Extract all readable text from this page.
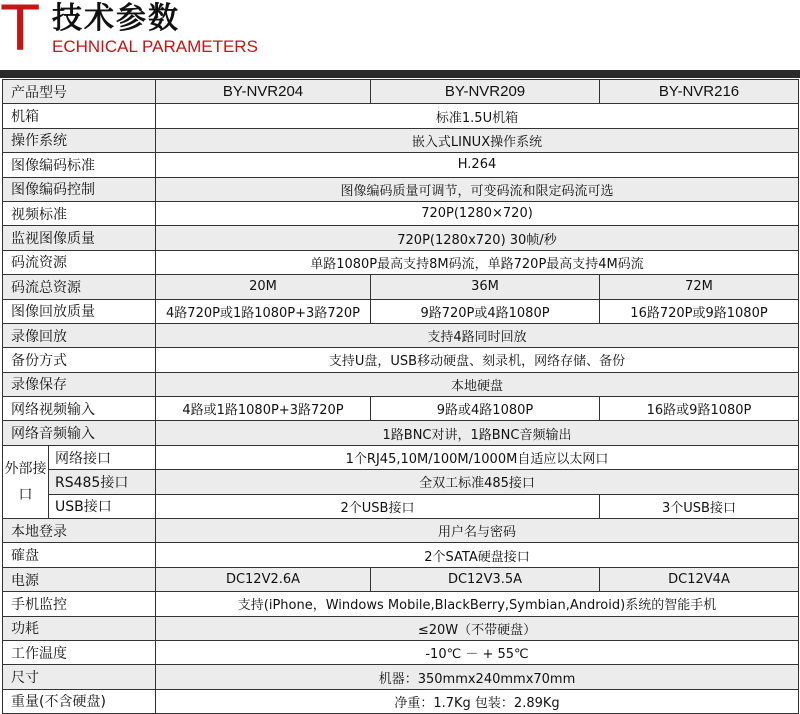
T 技术参数
ECHNICAL PARAMETERS
产品型号		BY-NVR204	BY-NVR209	BY-NVR216
机箱		标准1.5U机箱		
操作系统		嵌入式LINUX操作系统		
图像编码标准		H.264		
图像编码控制		图像编码质量可调节，可变码流和限定码流可选		
视频标准		720P(1280×720)		
监视图像质量		720P(1280x720) 30帧/秒		
码流资源		单路1080P最高支持8M码流，单路720P最高支持4M码流		
码流总资源		20M	36M	72M
图像回放质量		4路720P或1路1080P+3路720P	9路720P或4路1080P	16路720P或9路1080P
录像回放		支持4路同时回放		
备份方式		支持U盘，USB移动硬盘、刻录机，网络存储、备份		
录像保存		本地硬盘		
网络视频输入		4路或1路1080P+3路720P	9路或4路1080P	16路或9路1080P
网络音频输入		1路BNC对讲，1路BNC音频输出		
外部接口	网络接口	1个RJ45,10M/100M/1000M自适应以太网口		
	RS485接口	全双工标准485接口		
	USB接口	2个USB接口		3个USB接口
本地登录		用户名与密码		
確盘		2个SATA硬盘接口		
电源		DC12V2.6A	DC12V3.5A	DC12V4A
手机监控		支持(iPhone，Windows Mobile,BlackBerry,Symbian,Android)系统的智能手机		
功耗		≤20W（不带硬盘）		
工作温度		-10℃ － + 55℃		
尺寸		机器：350mmx240mmx70mm		
重量(不含硬盘)		净重：1.7Kg 包装：2.89Kg		
